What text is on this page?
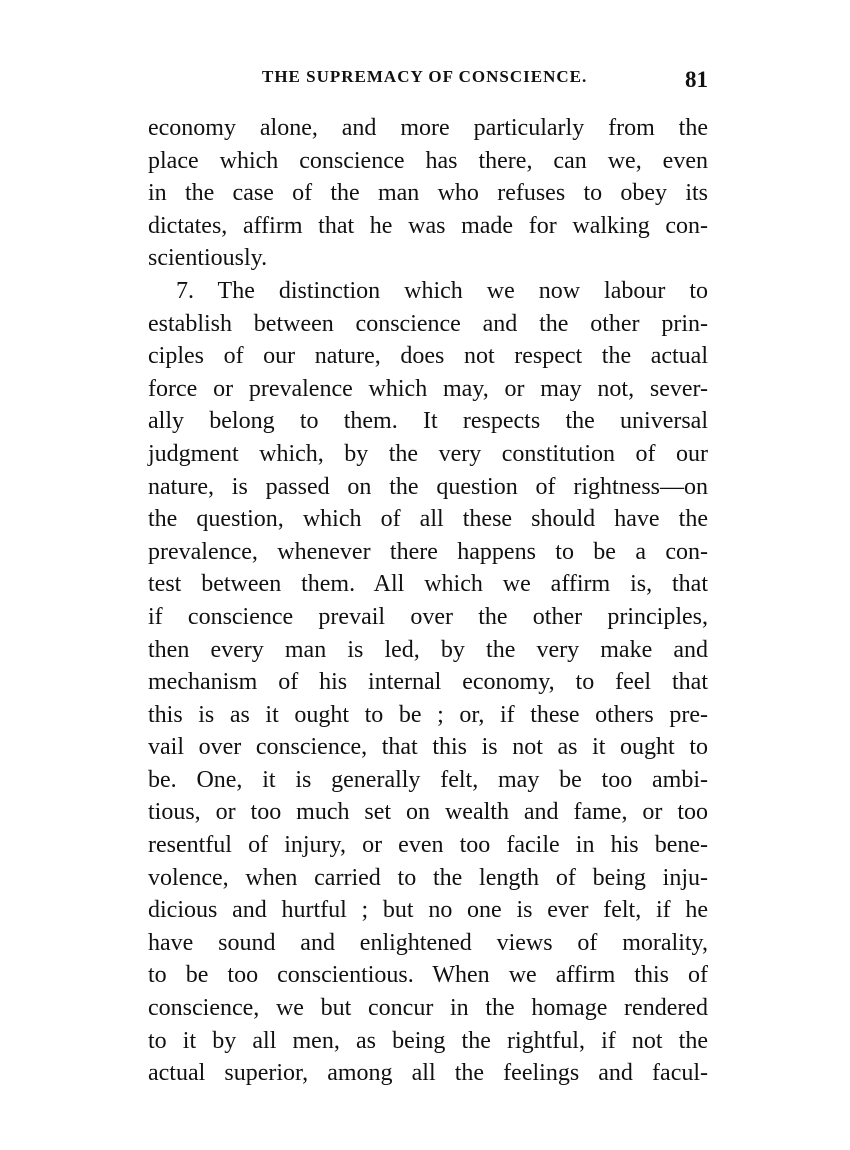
THE SUPREMACY OF CONSCIENCE.	81
economy alone, and more particularly from the
place which conscience has there, can we, even
in the case of the man who refuses to obey its
dictates, affirm that he was made for walking con-
scientiously.
7. The distinction which we now labour to
establish between conscience and the other prin-
ciples of our nature, does not respect the actual
force or prevalence which may, or may not, sever-
ally belong to them. It respects the universal
judgment which, by the very constitution of our
nature, is passed on the question of rightness—on
the question, which of all these should have the
prevalence, whenever there happens to be a con-
test between them. All which we affirm is, that
if conscience prevail over the other principles,
then every man is led, by the very make and
mechanism of his internal economy, to feel that
this is as it ought to be ; or, if these others pre-
vail over conscience, that this is not as it ought to
be. One, it is generally felt, may be too ambi-
tious, or too much set on wealth and fame, or too
resentful of injury, or even too facile in his bene-
volence, when carried to the length of being inju-
dicious and hurtful ; but no one is ever felt, if he
have sound and enlightened views of morality,
to be too conscientious. When we affirm this of
conscience, we but concur in the homage rendered
to it by all men, as being the rightful, if not the
actual superior, among all the feelings and facul-
